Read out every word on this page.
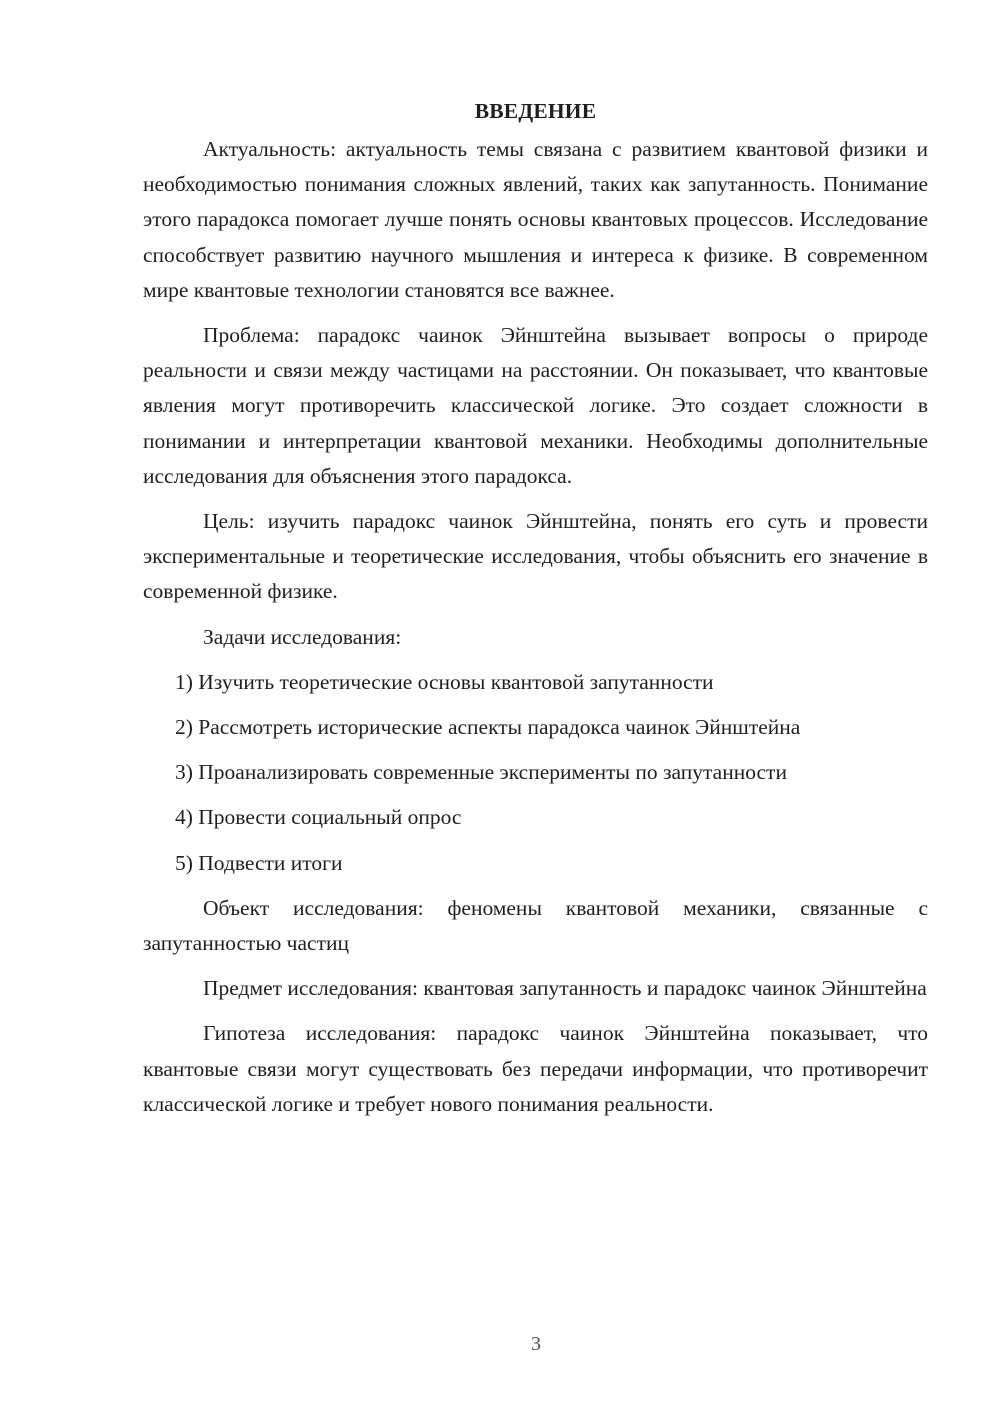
ВВЕДЕНИЕ

Актуальность: актуальность темы связана с развитием квантовой физики и необходимостью понимания сложных явлений, таких как запутанность. Понимание этого парадокса помогает лучше понять основы квантовых процессов. Исследование способствует развитию научного мышления и интереса к физике. В современном мире квантовые технологии становятся все важнее.

Проблема: парадокс чаинок Эйнштейна вызывает вопросы о природе реальности и связи между частицами на расстоянии. Он показывает, что квантовые явления могут противоречить классической логике. Это создает сложности в понимании и интерпретации квантовой механики. Необходимы дополнительные исследования для объяснения этого парадокса.

Цель: изучить парадокс чаинок Эйнштейна, понять его суть и провести экспериментальные и теоретические исследования, чтобы объяснить его значение в современной физике.

Задачи исследования:

1) Изучить теоретические основы квантовой запутанности
2) Рассмотреть исторические аспекты парадокса чаинок Эйнштейна
3) Проанализировать современные эксперименты по запутанности
4) Провести социальный опрос
5) Подвести итоги

Объект исследования: феномены квантовой механики, связанные с запутанностью частиц

Предмет исследования: квантовая запутанность и парадокс чаинок Эйнштейна

Гипотеза исследования: парадокс чаинок Эйнштейна показывает, что квантовые связи могут существовать без передачи информации, что противоречит классической логике и требует нового понимания реальности.

3
